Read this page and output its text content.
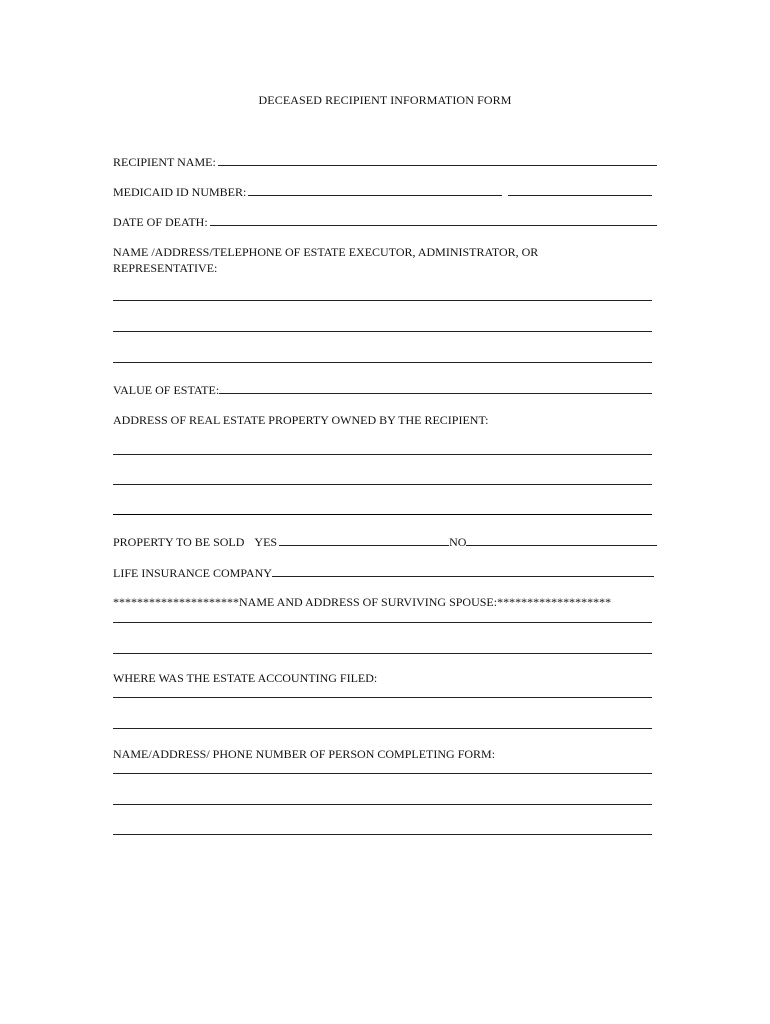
DECEASED RECIPIENT INFORMATION FORM
RECIPIENT NAME:
MEDICAID ID NUMBER:
DATE OF DEATH:
NAME /ADDRESS/TELEPHONE OF ESTATE EXECUTOR, ADMINISTRATOR, OR REPRESENTATIVE:
VALUE OF ESTATE:
ADDRESS OF REAL ESTATE PROPERTY OWNED BY THE RECIPIENT:
PROPERTY TO BE SOLD YES	NO
LIFE INSURANCE COMPANY
*********************NAME AND ADDRESS OF SURVIVING SPOUSE:*******************
WHERE WAS THE ESTATE ACCOUNTING FILED:
NAME/ADDRESS/ PHONE NUMBER OF PERSON COMPLETING FORM:
